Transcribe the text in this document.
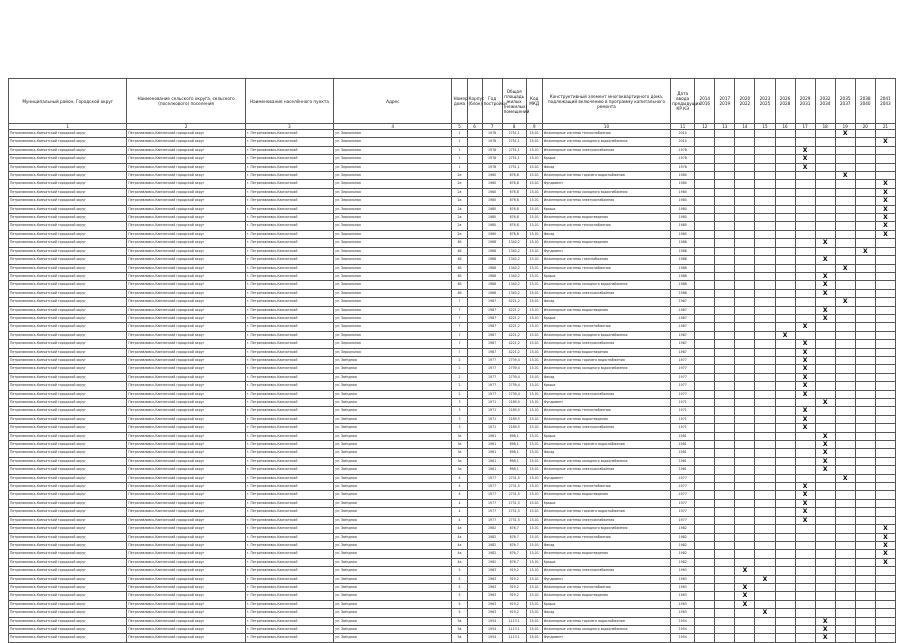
Муниципальный район, Городской округ	Наименование сельского округа, сельского (поселкового) поселения	Наименование населённого пункта	Адрес	Номер дома	Корпус (блок)	Год постройки	Общая площадь жилых (нежилых) помещений	Код МКД	Конструктивный элемент многоквартирного дома, подлежащий включению в программу капитального ремонта	Дата ввода предыдущих КР КЭ	2014 2016	2017 2019	2020 2022	2023 2025	2026 2028	2029 2031	2032 2034	2035 2037	2038 2040	2041 2043
1	2	3	4	5	6	7	8	9	10	11	12	13	14	15	16	17	18	19	20	21
Петропавловск-Камчатский городской округ	Петропавловск-Камчатский городской округ	г. Петропавловск-Камчатский	ул. Зеркальная	1		1978	2751,1	15-01	Инженерные системы теплоснабжения	2010								X		
Петропавловск-Камчатский городской округ	Петропавловск-Камчатский городской округ	г. Петропавловск-Камчатский	ул. Зеркальная	1		1978	2751,1	15-01	Инженерные системы холодного водоснабжения	2010										X
Петропавловск-Камчатский городской округ	Петропавловск-Камчатский городской округ	г. Петропавловск-Камчатский	ул. Зеркальная	1		1978	2751,1	15-01	Инженерные системы электроснабжения	1978						X				
Петропавловск-Камчатский городской округ	Петропавловск-Камчатский городской округ	г. Петропавловск-Камчатский	ул. Зеркальная	1		1978	2751,1	15-01	Крыша	1978						X				
Петропавловск-Камчатский городской округ	Петропавловск-Камчатский городской округ	г. Петропавловск-Камчатский	ул. Зеркальная	1		1978	2751,1	15-01	Фасад	1978						X				
Петропавловск-Камчатский городской округ	Петропавловск-Камчатский городской округ	г. Петропавловск-Камчатский	ул. Зеркальная	2а		1980	676,8	15-01	Инженерные системы горячего водоснабжения	1980								X		
Петропавловск-Камчатский городской округ	Петропавловск-Камчатский городской округ	г. Петропавловск-Камчатский	ул. Зеркальная	2а		1980	676,8	15-01	Фундамент	1980										X
Петропавловск-Камчатский городской округ	Петропавловск-Камчатский городской округ	г. Петропавловск-Камчатский	ул. Зеркальная	2а		1980	676,8	15-01	Инженерные системы холодного водоснабжения	1980										X
Петропавловск-Камчатский городской округ	Петропавловск-Камчатский городской округ	г. Петропавловск-Камчатский	ул. Зеркальная	2а		1980	676,8	15-01	Инженерные системы электроснабжения	1980										X
Петропавловск-Камчатский городской округ	Петропавловск-Камчатский городской округ	г. Петропавловск-Камчатский	ул. Зеркальная	2а		1980	676,8	15-01	Крыша	1980										X
Петропавловск-Камчатский городской округ	Петропавловск-Камчатский городской округ	г. Петропавловск-Камчатский	ул. Зеркальная	2а		1980	676,8	15-01	Инженерные системы водоотведения	1980										X
Петропавловск-Камчатский городской округ	Петропавловск-Камчатский городской округ	г. Петропавловск-Камчатский	ул. Зеркальная	2а		1980	676,8	15-01	Инженерные системы теплоснабжения	1980										X
Петропавловск-Камчатский городской округ	Петропавловск-Камчатский городской округ	г. Петропавловск-Камчатский	ул. Зеркальная	2а		1980	676,8	15-01	Фасад	1980										X
Петропавловск-Камчатский городской округ	Петропавловск-Камчатский городской округ	г. Петропавловск-Камчатский	ул. Зеркальная	4б		1988	1340,2	15-01	Инженерные системы водоотведения	1988							X			
Петропавловск-Камчатский городской округ	Петропавловск-Камчатский городской округ	г. Петропавловск-Камчатский	ул. Зеркальная	4б		1988	1340,2	15-01	Фундамент	1988									X	
Петропавловск-Камчатский городской округ	Петропавловск-Камчатский городской округ	г. Петропавловск-Камчатский	ул. Зеркальная	4б		1988	1340,2	15-01	Инженерные системы газоснабжения	1988							X			
Петропавловск-Камчатский городской округ	Петропавловск-Камчатский городской округ	г. Петропавловск-Камчатский	ул. Зеркальная	4б		1988	1340,2	15-01	Инженерные системы теплоснабжения	1988								X		
Петропавловск-Камчатский городской округ	Петропавловск-Камчатский городской округ	г. Петропавловск-Камчатский	ул. Зеркальная	4б		1988	1340,2	15-01	Крыша	1988							X			
Петропавловск-Камчатский городской округ	Петропавловск-Камчатский городской округ	г. Петропавловск-Камчатский	ул. Зеркальная	4б		1988	1340,2	15-01	Инженерные системы холодного водоснабжения	1988							X			
Петропавловск-Камчатский городской округ	Петропавловск-Камчатский городской округ	г. Петропавловск-Камчатский	ул. Зеркальная	4б		1988	1340,2	15-01	Инженерные системы электроснабжения	1988							X			
Петропавловск-Камчатский городской округ	Петропавловск-Камчатский городской округ	г. Петропавловск-Камчатский	ул. Зеркальная	7		1987	4221,2	15-01	Фасад	1987								X		
Петропавловск-Камчатский городской округ	Петропавловск-Камчатский городской округ	г. Петропавловск-Камчатский	ул. Зеркальная	7		1987	4221,2	15-01	Инженерные системы водоотведения	1987							X			
Петропавловск-Камчатский городской округ	Петропавловск-Камчатский городской округ	г. Петропавловск-Камчатский	ул. Зеркальная	7		1987	4221,2	15-01	Крыша	1987							X			
Петропавловск-Камчатский городской округ	Петропавловск-Камчатский городской округ	г. Петропавловск-Камчатский	ул. Зеркальная	7		1987	4221,2	15-01	Инженерные системы теплоснабжения	1987						X				
Петропавловск-Камчатский городской округ	Петропавловск-Камчатский городской округ	г. Петропавловск-Камчатский	ул. Зеркальная	7		1987	4221,2	15-01	Инженерные системы холодного водоснабжения	1987					X					
Петропавловск-Камчатский городской округ	Петропавловск-Камчатский городской округ	г. Петропавловск-Камчатский	ул. Зеркальная	7		1987	4221,2	15-01	Инженерные системы электроснабжения	1987						X				
Петропавловск-Камчатский городской округ	Петропавловск-Камчатский городской округ	г. Петропавловск-Камчатский	ул. Зеркальная	7		1987	4221,2	15-01	Инженерные системы водоотведения	1987						X				
Петропавловск-Камчатский городской округ	Петропавловск-Камчатский городской округ	г. Петропавловск-Камчатский	ул. Звёздная	2		1977	2739,4	15-01	Инженерные системы горячего водоснабжения	1977						X				
Петропавловск-Камчатский городской округ	Петропавловск-Камчатский городской округ	г. Петропавловск-Камчатский	ул. Звёздная	2		1977	2739,4	15-01	Инженерные системы холодного водоснабжения	1977						X				
Петропавловск-Камчатский городской округ	Петропавловск-Камчатский городской округ	г. Петропавловск-Камчатский	ул. Звёздная	2		1977	2739,4	15-01	Фасад	1977						X				
Петропавловск-Камчатский городской округ	Петропавловск-Камчатский городской округ	г. Петропавловск-Камчатский	ул. Звёздная	2		1977	2739,4	15-01	Крыша	1977						X				
Петропавловск-Камчатский городской округ	Петропавловск-Камчатский городской округ	г. Петропавловск-Камчатский	ул. Звёздная	2		1977	2739,4	15-01	Инженерные системы электроснабжения	1977						X				
Петропавловск-Камчатский городской округ	Петропавловск-Камчатский городской округ	г. Петропавловск-Камчатский	ул. Звёздная	3		1971	2189,5	15-01	Фундамент	1971							X			
Петропавловск-Камчатский городской округ	Петропавловск-Камчатский городской округ	г. Петропавловск-Камчатский	ул. Звёздная	3		1971	2189,5	15-01	Инженерные системы теплоснабжения	1971						X				
Петропавловск-Камчатский городской округ	Петропавловск-Камчатский городской округ	г. Петропавловск-Камчатский	ул. Звёздная	3		1971	2189,5	15-01	Инженерные системы водоотведения	1971						X				
Петропавловск-Камчатский городской округ	Петропавловск-Камчатский городской округ	г. Петропавловск-Камчатский	ул. Звёздная	3		1971	2189,5	15-01	Инженерные системы электроснабжения	1971						X				
Петропавловск-Камчатский городской округ	Петропавловск-Камчатский городской округ	г. Петропавловск-Камчатский	ул. Звёздная	3а		1981	698,1	15-01	Крыша	1981							X			
Петропавловск-Камчатский городской округ	Петропавловск-Камчатский городской округ	г. Петропавловск-Камчатский	ул. Звёздная	3а		1981	698,1	15-01	Инженерные системы горячего водоснабжения	1981							X			
Петропавловск-Камчатский городской округ	Петропавловск-Камчатский городской округ	г. Петропавловск-Камчатский	ул. Звёздная	3а		1981	698,1	15-01	Фасад	1981							X			
Петропавловск-Камчатский городской округ	Петропавловск-Камчатский городской округ	г. Петропавловск-Камчатский	ул. Звёздная	3а		1981	698,1	15-01	Инженерные системы холодного водоснабжения	1981							X			
Петропавловск-Камчатский городской округ	Петропавловск-Камчатский городской округ	г. Петропавловск-Камчатский	ул. Звёздная	3а		1981	698,1	15-01	Инженерные системы электроснабжения	1981							X			
Петропавловск-Камчатский городской округ	Петропавловск-Камчатский городской округ	г. Петропавловск-Камчатский	ул. Звёздная	4		1977	2731,5	15-01	Фундамент	1977								X		
Петропавловск-Камчатский городской округ	Петропавловск-Камчатский городской округ	г. Петропавловск-Камчатский	ул. Звёздная	4		1977	2731,5	15-01	Инженерные системы теплоснабжения	1977						X				
Петропавловск-Камчатский городской округ	Петропавловск-Камчатский городской округ	г. Петропавловск-Камчатский	ул. Звёздная	4		1977	2731,5	15-01	Инженерные системы водоотведения	1977						X				
Петропавловск-Камчатский городской округ	Петропавловск-Камчатский городской округ	г. Петропавловск-Камчатский	ул. Звёздная	4		1977	2731,5	15-01	Крыша	1977						X				
Петропавловск-Камчатский городской округ	Петропавловск-Камчатский городской округ	г. Петропавловск-Камчатский	ул. Звёздная	4		1977	2731,5	15-01	Инженерные системы горячего водоснабжения	1977						X				
Петропавловск-Камчатский городской округ	Петропавловск-Камчатский городской округ	г. Петропавловск-Камчатский	ул. Звёздная	4		1977	2731,5	15-01	Инженерные системы электроснабжения	1977						X				
Петропавловск-Камчатский городской округ	Петропавловск-Камчатский городской округ	г. Петропавловск-Камчатский	ул. Звёздная	4а		1982	676,7	15-01	Инженерные системы холодного водоснабжения	1982										X
Петропавловск-Камчатский городской округ	Петропавловск-Камчатский городской округ	г. Петропавловск-Камчатский	ул. Звёздная	4а		1982	676,7	15-01	Инженерные системы теплоснабжения	1982										X
Петропавловск-Камчатский городской округ	Петропавловск-Камчатский городской округ	г. Петропавловск-Камчатский	ул. Звёздная	4а		1982	676,7	15-01	Фасад	1982										X
Петропавловск-Камчатский городской округ	Петропавловск-Камчатский городской округ	г. Петропавловск-Камчатский	ул. Звёздная	4а		1982	676,7	15-01	Инженерные системы водоотведения	1982										X
Петропавловск-Камчатский городской округ	Петропавловск-Камчатский городской округ	г. Петропавловск-Камчатский	ул. Звёздная	4а		1982	676,7	15-01	Крыша	1982										X
Петропавловск-Камчатский городской округ	Петропавловск-Камчатский городской округ	г. Петропавловск-Камчатский	ул. Звёздная	5		1963	919,2	15-01	Инженерные системы электроснабжения	1963			X							
Петропавловск-Камчатский городской округ	Петропавловск-Камчатский городской округ	г. Петропавловск-Камчатский	ул. Звёздная	5		1963	919,2	15-01	Фундамент	1963				X						
Петропавловск-Камчатский городской округ	Петропавловск-Камчатский городской округ	г. Петропавловск-Камчатский	ул. Звёздная	5		1963	919,2	15-01	Инженерные системы теплоснабжения	1963			X							
Петропавловск-Камчатский городской округ	Петропавловск-Камчатский городской округ	г. Петропавловск-Камчатский	ул. Звёздная	5		1963	919,2	15-01	Инженерные системы водоотведения	1963			X							
Петропавловск-Камчатский городской округ	Петропавловск-Камчатский городской округ	г. Петропавловск-Камчатский	ул. Звёздная	5		1963	919,2	15-01	Крыша	1963			X							
Петропавловск-Камчатский городской округ	Петропавловск-Камчатский городской округ	г. Петропавловск-Камчатский	ул. Звёздная	5		1963	919,2	15-01	Фасад	1963				X						
Петропавловск-Камчатский городской округ	Петропавловск-Камчатский городской округ	г. Петропавловск-Камчатский	ул. Звёздная	5а		1954	1113,1	15-01	Инженерные системы горячего водоснабжения	1954							X			
Петропавловск-Камчатский городской округ	Петропавловск-Камчатский городской округ	г. Петропавловск-Камчатский	ул. Звёздная	5а		1954	1113,1	15-01	Инженерные системы холодного водоснабжения	1954							X			
Петропавловск-Камчатский городской округ	Петропавловск-Камчатский городской округ	г. Петропавловск-Камчатский	ул. Звёздная	5а		1954	1113,1	15-01	Фундамент	1954							X			
